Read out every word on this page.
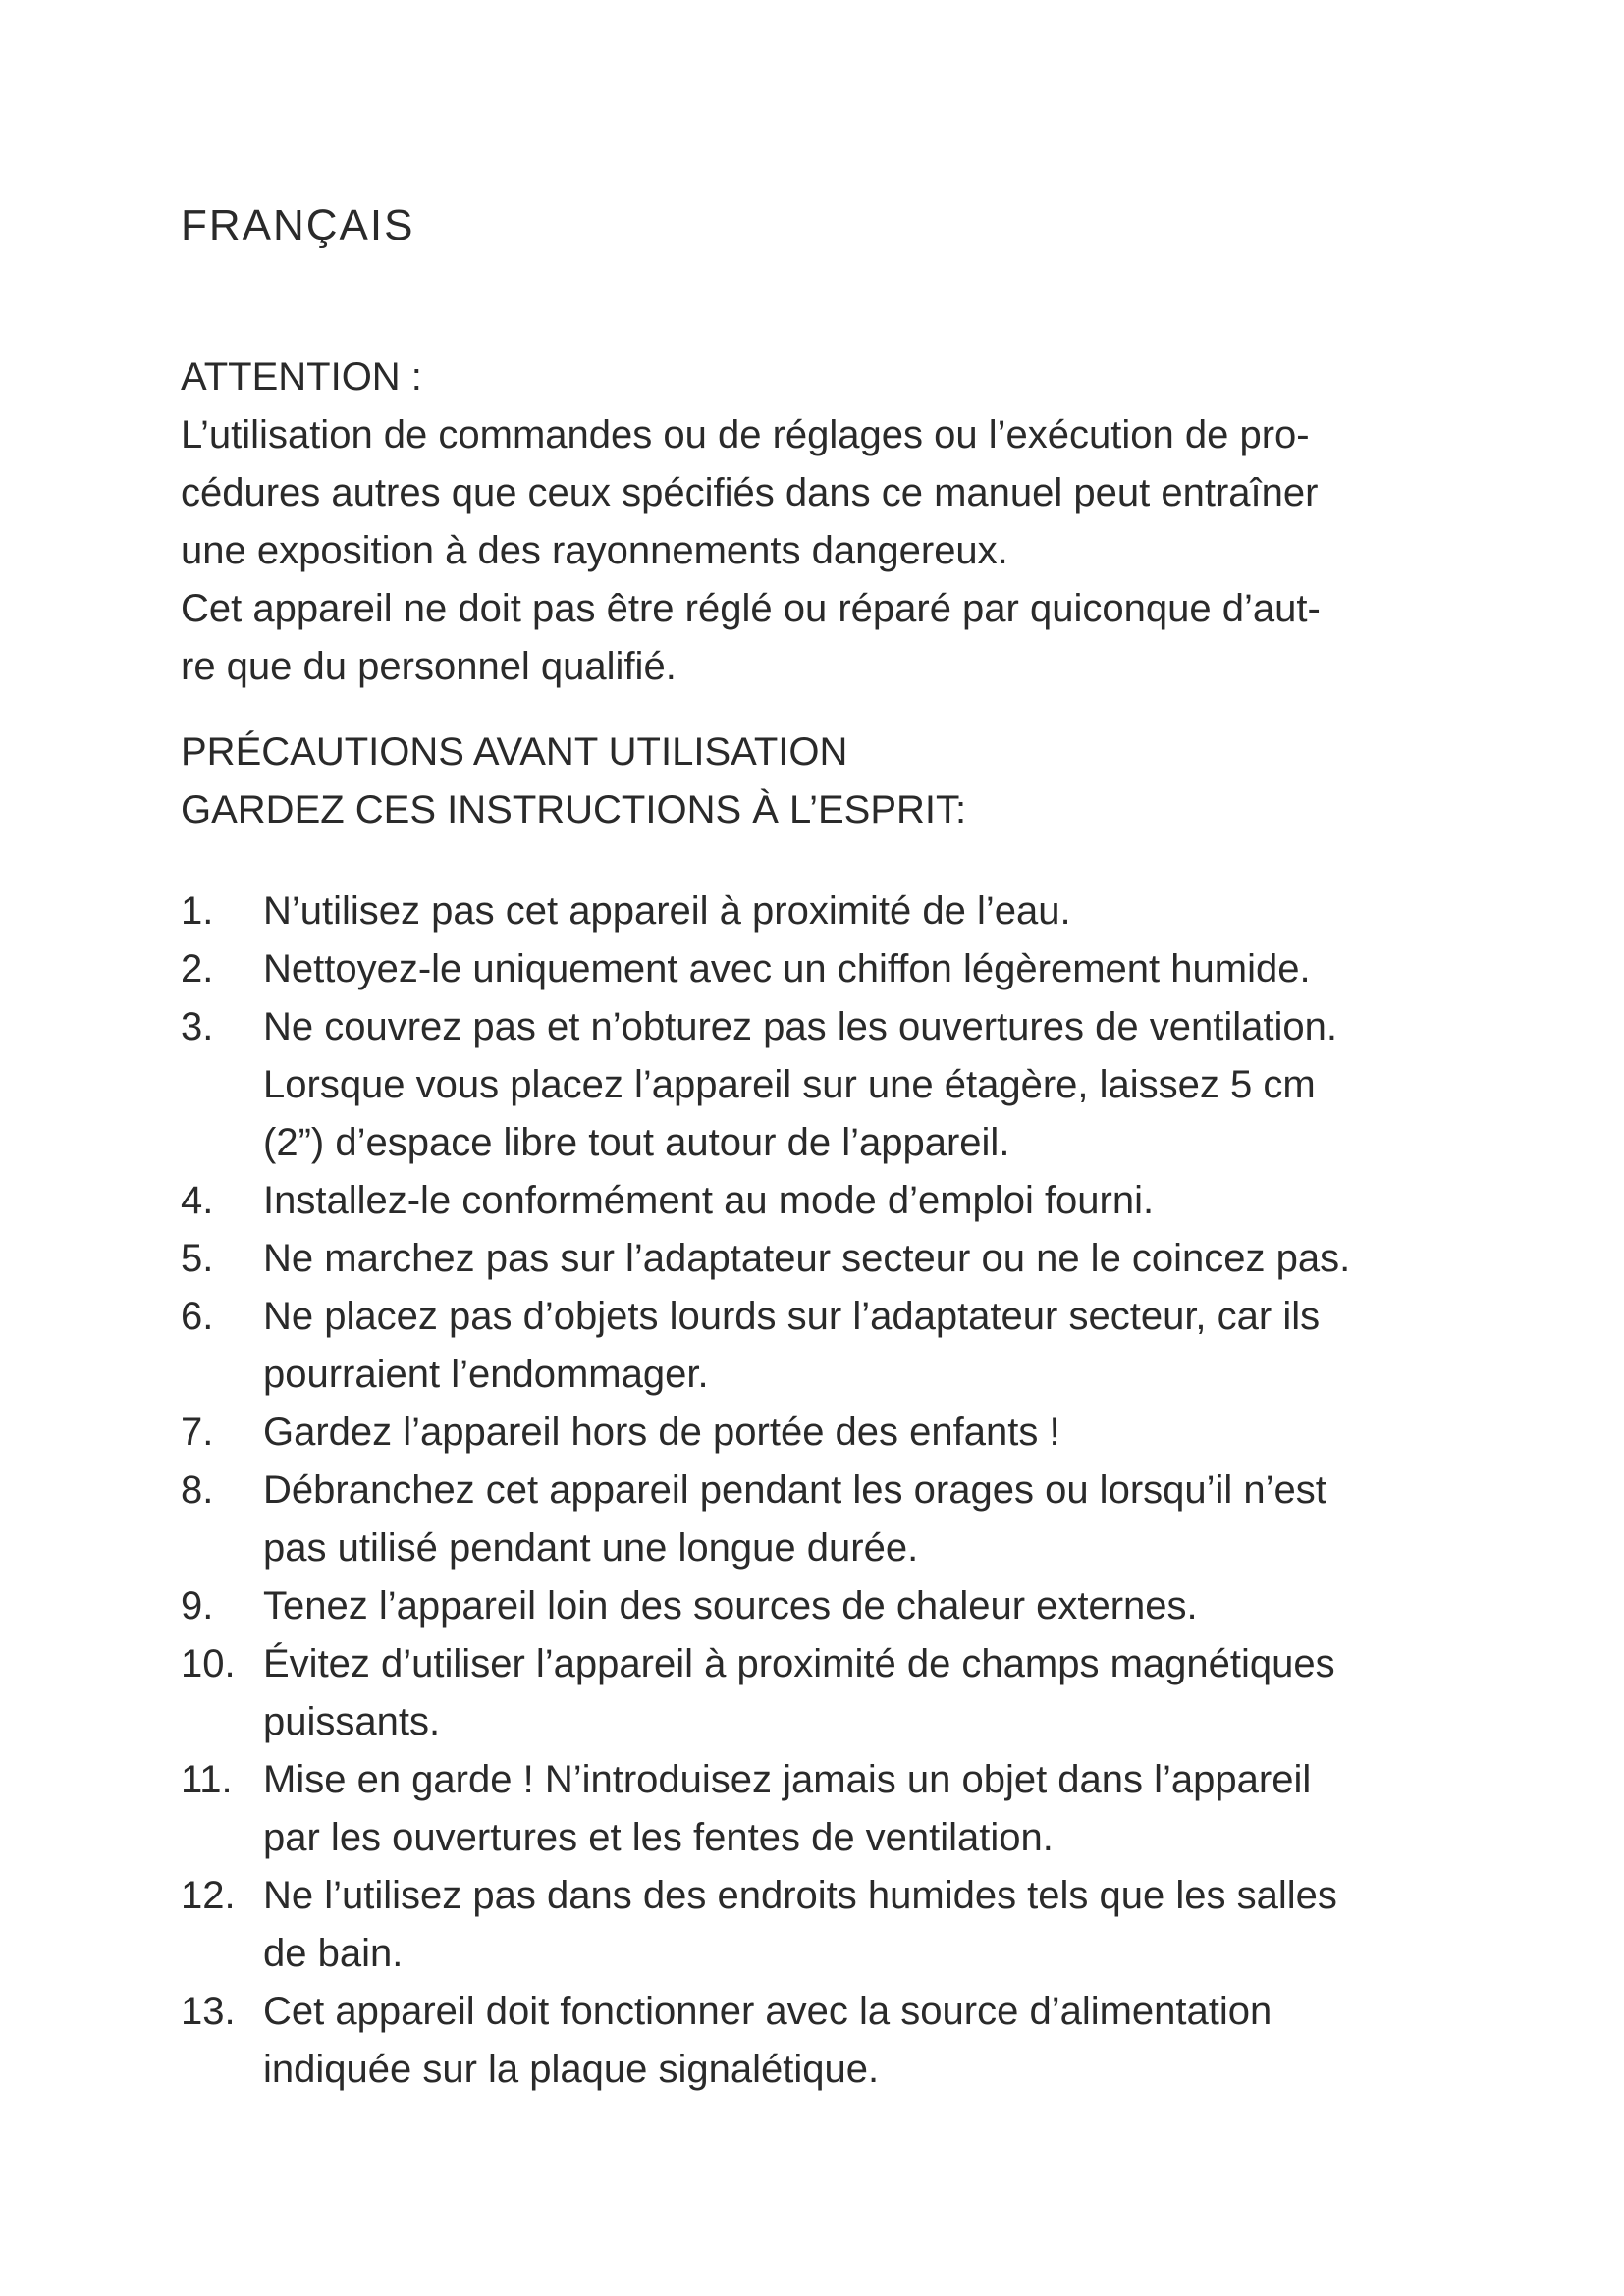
FRANÇAIS
ATTENTION :
L’utilisation de commandes ou de réglages ou l’exécution de pro-
cédures autres que ceux spécifiés dans ce manuel peut entraîner
une exposition à des rayonnements dangereux.
Cet appareil ne doit pas être réglé ou réparé par quiconque d’aut-
re que du personnel qualifié.
PRÉCAUTIONS AVANT UTILISATION
GARDEZ CES INSTRUCTIONS À L’ESPRIT:
1.	N’utilisez pas cet appareil à proximité de l’eau.
2.	Nettoyez-le uniquement avec un chiffon légèrement humide.
3.	Ne couvrez pas et n’obturez pas les ouvertures de ventilation.
Lorsque vous placez l’appareil sur une étagère, laissez 5 cm
(2”) d’espace libre tout autour de l’appareil.
4.	Installez-le conformément au mode d’emploi fourni.
5.	Ne marchez pas sur l’adaptateur secteur ou ne le coincez pas.
6.	Ne placez pas d’objets lourds sur l’adaptateur secteur, car ils
pourraient l’endommager.
7.	Gardez l’appareil hors de portée des enfants !
8.	Débranchez cet appareil pendant les orages ou lorsqu’il n’est
pas utilisé pendant une longue durée.
9.	Tenez l’appareil loin des sources de chaleur externes.
10. Évitez d’utiliser l’appareil à proximité de champs magnétiques
puissants.
11. Mise en garde ! N’introduisez jamais un objet dans l’appareil
par les ouvertures et les fentes de ventilation.
12. Ne l’utilisez pas dans des endroits humides tels que les salles
de bain.
13. Cet appareil doit fonctionner avec la source d’alimentation
indiquée sur la plaque signalétique.
